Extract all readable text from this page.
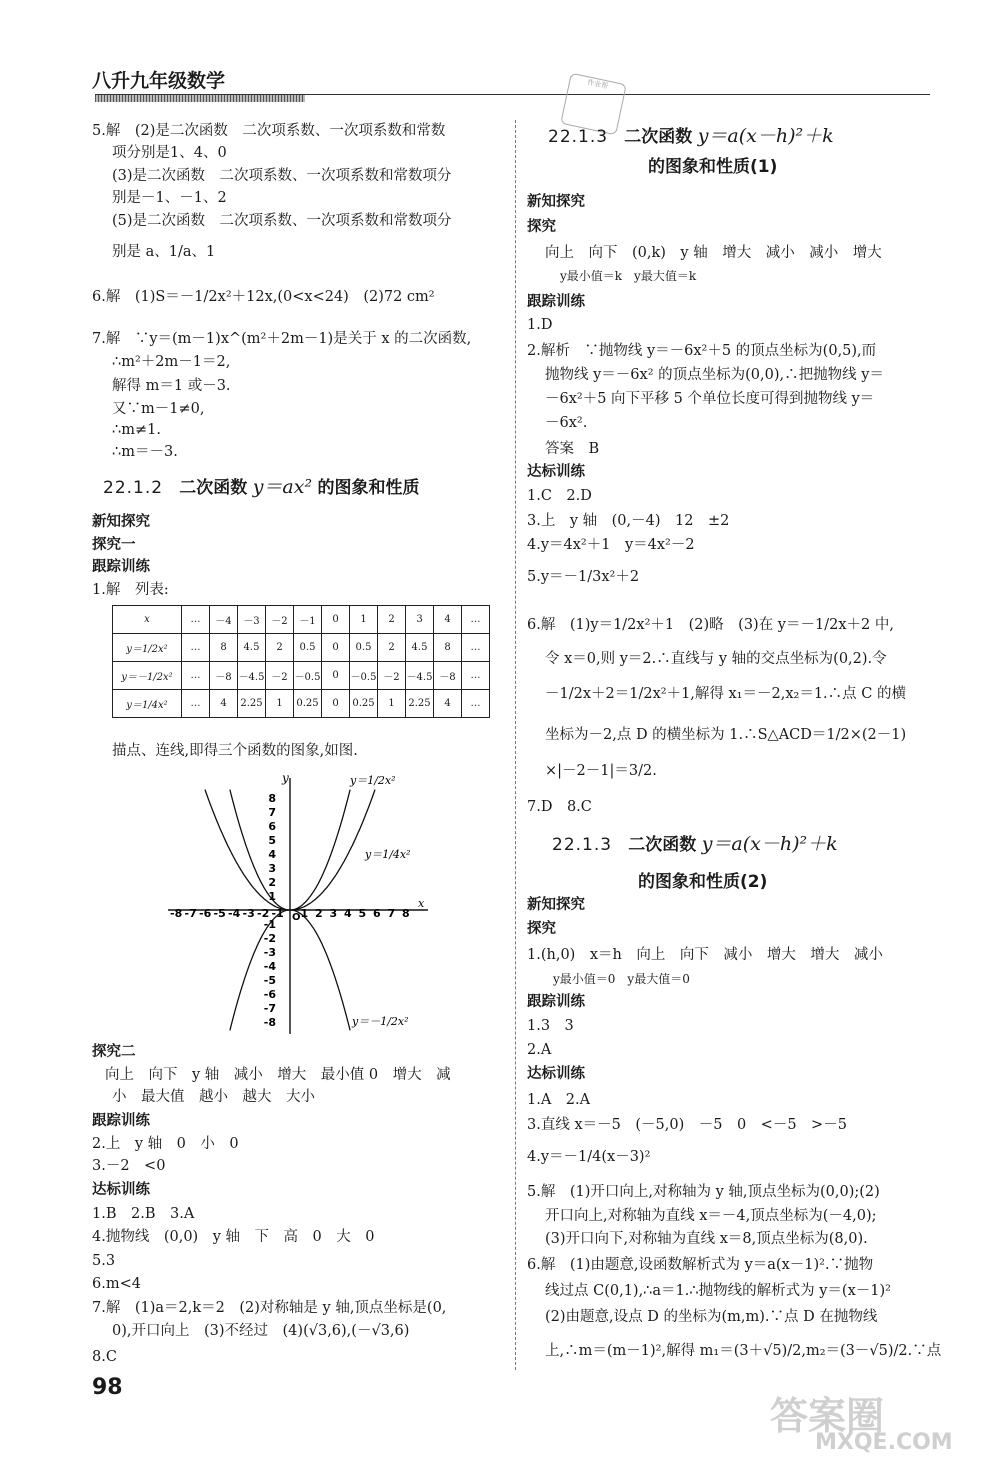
八升九年级数学	作业帮
5.解　(2)是二次函数　二次项系数、一次项系数和常数
项分别是1、4、0
(3)是二次函数　二次项系数、一次项系数和常数项分
别是－1、－1、2
(5)是二次函数　二次项系数、一次项系数和常数项分
别是 a、1/a、1
6.解　(1)S＝－1/2x²＋12x,(0<x<24)　(2)72 cm²
7.解　∵y＝(m－1)x^(m²＋2m－1)是关于 x 的二次函数,
∴m²＋2m－1＝2,
解得 m＝1 或－3.
又∵m－1≠0,
∴m≠1.
∴m＝－3.
22.1.2 二次函数 y＝ax² 的图象和性质
新知探究
探究一
跟踪训练
1.解　列表:
x	…	－4	－3	－2	－1	0	1	2	3	4	…
y＝1/2x²	…	8	4.5	2	0.5	0	0.5	2	4.5	8	…
y＝－1/2x²	…	－8	－4.5	－2	－0.5	0	－0.5	－2	－4.5	－8	…
y＝1/4x²	…	4	2.25	1	0.25	0	0.25	1	2.25	4	…
描点、连线,即得三个函数的图象,如图.
y
x
O
-8 -7 -6 -5 -4 -3 -2 -1 1 2 3 4 5 6 7 8
8
7
6
5
4
3
2
1
-1
-2
-3
-4
-5
-6
-7
-8
y＝1/2x²
y＝1/4x²
y＝－1/2x²
探究二
向上　向下　y 轴　减小　增大　最小值 0　增大　减
小　最大值　越小　越大　大小
跟踪训练
2.上　y 轴　0　小　0
3.－2　<0
达标训练
1.B　2.B　3.A
4.抛物线　(0,0)　y 轴　下　高　0　大　0
5.3
6.m<4
7.解　(1)a＝2,k＝2　(2)对称轴是 y 轴,顶点坐标是(0,
0),开口向上　(3)不经过　(4)(√3,6),(－√3,6)
8.C
22.1.3 二次函数 y＝a(x－h)²＋k
的图象和性质(1)
新知探究
探究
向上　向下　(0,k)　y 轴　增大　减小　减小　增大
y最小值＝k　y最大值＝k
跟踪训练
1.D
2.解析　∵抛物线 y＝－6x²＋5 的顶点坐标为(0,5),而
抛物线 y＝－6x² 的顶点坐标为(0,0),∴把抛物线 y＝
－6x²＋5 向下平移 5 个单位长度可得到抛物线 y＝
－6x².
答案　B
达标训练
1.C　2.D
3.上　y 轴　(0,－4)　12　±2
4.y＝4x²＋1　y＝4x²－2
5.y＝－1/3x²＋2
6.解　(1)y＝1/2x²＋1　(2)略　(3)在 y＝－1/2x＋2 中,
令 x＝0,则 y＝2.∴直线与 y 轴的交点坐标为(0,2).令
－1/2x＋2＝1/2x²＋1,解得 x₁＝－2,x₂＝1.∴点 C 的横
坐标为－2,点 D 的横坐标为 1.∴S△ACD＝1/2×(2－1)
×|－2－1|＝3/2.
7.D　8.C
22.1.3 二次函数 y＝a(x－h)²＋k
的图象和性质(2)
新知探究
探究
1.(h,0)　x＝h　向上　向下　减小　增大　增大　减小
y最小值＝0　y最大值＝0
跟踪训练
1.3　3
2.A
达标训练
1.A　2.A
3.直线 x＝－5　(－5,0)　－5　0　<－5　>－5
4.y＝－1/4(x－3)²
5.解　(1)开口向上,对称轴为 y 轴,顶点坐标为(0,0);(2)
开口向上,对称轴为直线 x＝－4,顶点坐标为(－4,0);
(3)开口向下,对称轴为直线 x＝8,顶点坐标为(8,0).
6.解　(1)由题意,设函数解析式为 y＝a(x－1)².∵抛物
线过点 C(0,1),∴a＝1.∴抛物线的解析式为 y＝(x－1)²
(2)由题意,设点 D 的坐标为(m,m).∵点 D 在抛物线
上,∴m＝(m－1)²,解得 m₁＝(3＋√5)/2,m₂＝(3－√5)/2.∵点
98
答案圈
MXQE.COM
